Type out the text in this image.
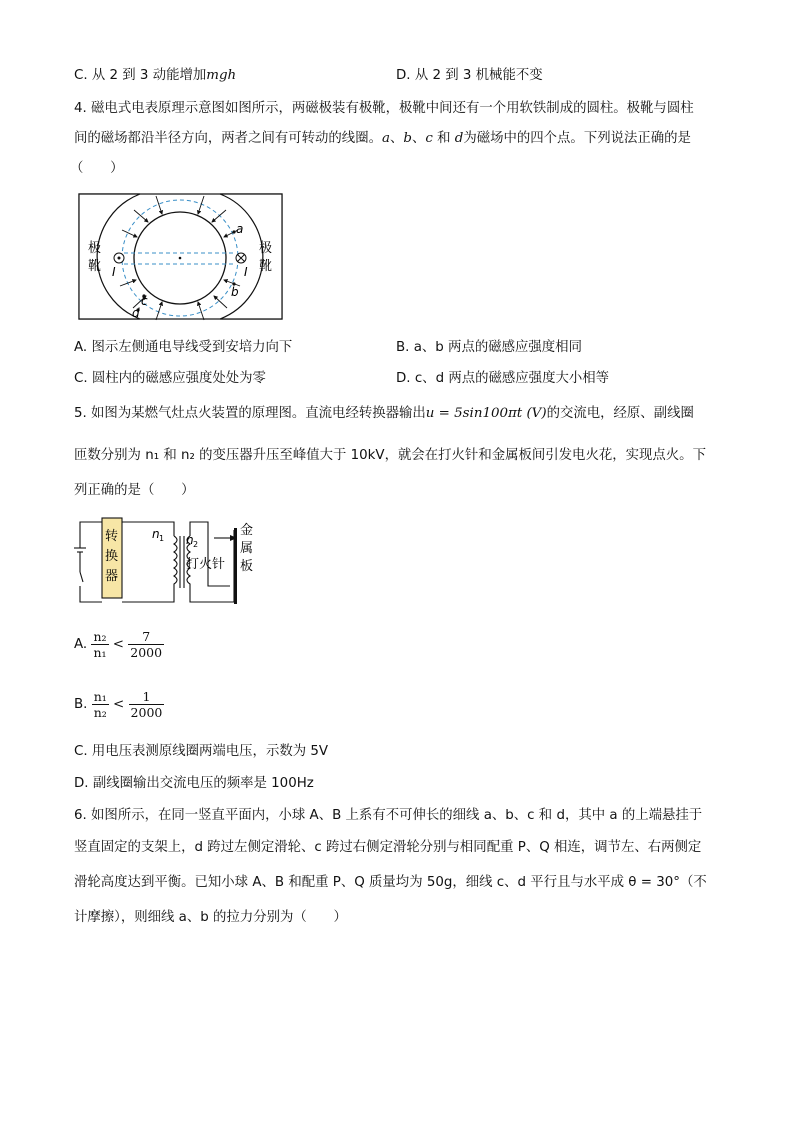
C. 从 2 到 3 动能增加mgh	D. 从 2 到 3 机械能不变
4. 磁电式电表原理示意图如图所示，两磁极装有极靴，极靴中间还有一个用软铁制成的圆柱。极靴与圆柱
间的磁场都沿半径方向，两者之间有可转动的线圈。a、b、c 和 d为磁场中的四个点。下列说法正确的是
（　　）
极
靴
极
靴
I	I
a
b
c
d
A. 图示左侧通电导线受到安培力向下	B. a、b 两点的磁感应强度相同
C. 圆柱内的磁感应强度处处为零	D. c、d 两点的磁感应强度大小相等
5. 如图为某燃气灶点火装置的原理图。直流电经转换器输出u = 5sin100πt (V)的交流电，经原、副线圈
匝数分别为 n₁ 和 n₂ 的变压器升压至峰值大于 10kV，就会在打火针和金属板间引发电火花，实现点火。下
列正确的是（　　）
转
换
器
n 1 n 2
打火针
金
属
板
A. $\frac{\text{n₂}}{\text{n₁}} < \frac{7}{2000}$
B. $\frac{\text{n₁}}{\text{n₂}} < \frac{1}{2000}$
C. 用电压表测原线圈两端电压，示数为 5V
D. 副线圈输出交流电压的频率是 100Hz
6. 如图所示，在同一竖直平面内，小球 A、B 上系有不可伸长的细线 a、b、c 和 d，其中 a 的上端悬挂于
竖直固定的支架上，d 跨过左侧定滑轮、c 跨过右侧定滑轮分别与相同配重 P、Q 相连，调节左、右两侧定
滑轮高度达到平衡。已知小球 A、B 和配重 P、Q 质量均为 50g，细线 c、d 平行且与水平成 θ = 30°（不
计摩擦），则细线 a、b 的拉力分别为（　　）
